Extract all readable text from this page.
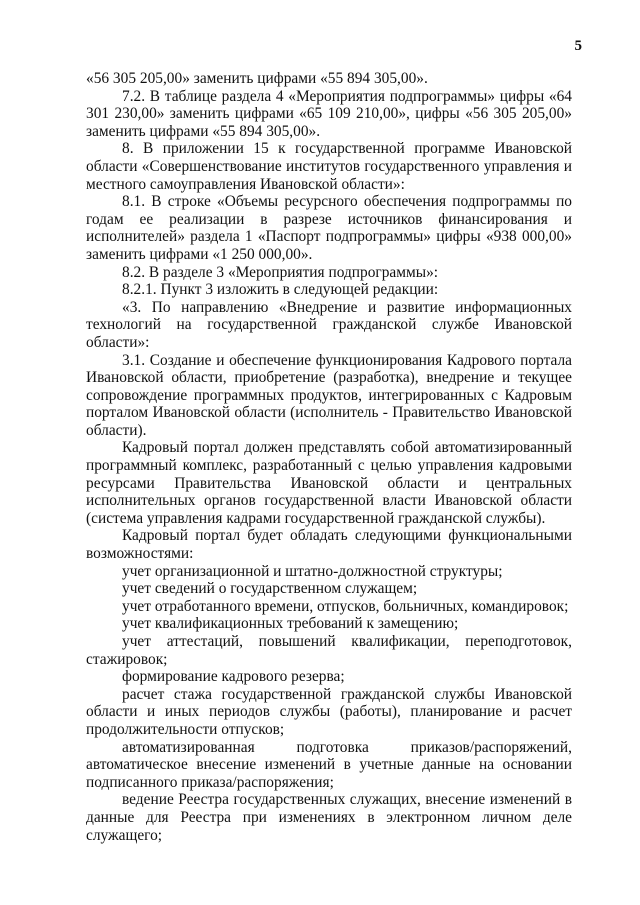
5

«56 305 205,00» заменить цифрами «55 894 305,00».

7.2. В таблице раздела 4 «Мероприятия подпрограммы» цифры «64 301 230,00» заменить цифрами «65 109 210,00», цифры «56 305 205,00» заменить цифрами «55 894 305,00».

8. В приложении 15 к государственной программе Ивановской области «Совершенствование институтов государственного управления и местного самоуправления Ивановской области»:

8.1. В строке «Объемы ресурсного обеспечения подпрограммы по годам ее реализации в разрезе источников финансирования и исполнителей» раздела 1 «Паспорт подпрограммы» цифры «938 000,00» заменить цифрами «1 250 000,00».

8.2. В разделе 3 «Мероприятия подпрограммы»:

8.2.1. Пункт 3 изложить в следующей редакции:

«3. По направлению «Внедрение и развитие информационных технологий на государственной гражданской службе Ивановской области»:

3.1. Создание и обеспечение функционирования Кадрового портала Ивановской области, приобретение (разработка), внедрение и текущее сопровождение программных продуктов, интегрированных с Кадровым порталом Ивановской области (исполнитель - Правительство Ивановской области).

Кадровый портал должен представлять собой автоматизированный программный комплекс, разработанный с целью управления кадровыми ресурсами Правительства Ивановской области и центральных исполнительных органов государственной власти Ивановской области (система управления кадрами государственной гражданской службы).

Кадровый портал будет обладать следующими функциональными возможностями:

учет организационной и штатно-должностной структуры;

учет сведений о государственном служащем;

учет отработанного времени, отпусков, больничных, командировок;

учет квалификационных требований к замещению;

учет аттестаций, повышений квалификации, переподготовок, стажировок;

формирование кадрового резерва;

расчет стажа государственной гражданской службы Ивановской области и иных периодов службы (работы), планирование и расчет продолжительности отпусков;

автоматизированная подготовка приказов/распоряжений, автоматическое внесение изменений в учетные данные на основании подписанного приказа/распоряжения;

ведение Реестра государственных служащих, внесение изменений в данные для Реестра при изменениях в электронном личном деле служащего;
